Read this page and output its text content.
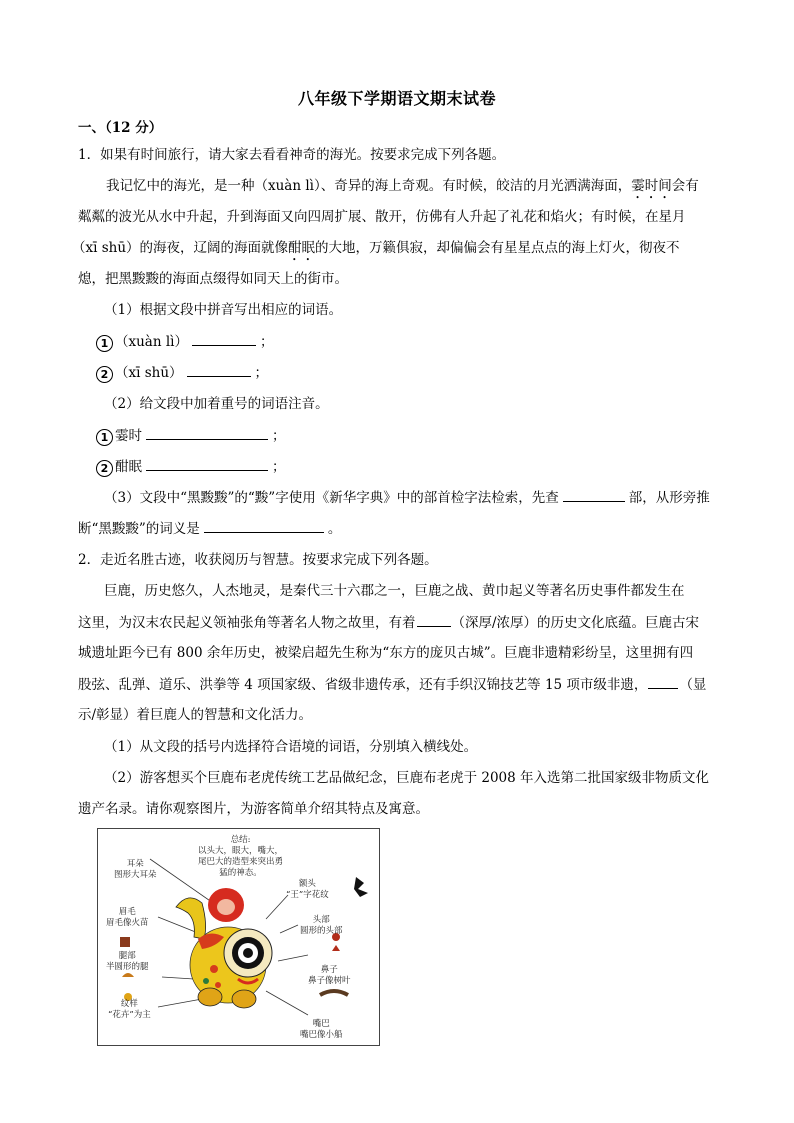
八年级下学期语文期末试卷
一、（12 分）
1．如果有时间旅行，请大家去看看神奇的海光。按要求完成下列各题。
我记忆中的海光，是一种（xuàn lì）、奇异的海上奇观。有时候，皎洁的月光洒满海面，霎时间会有
粼粼的波光从水中升起，升到海面又向四周扩展、散开，仿佛有人升起了礼花和焰火；有时候，在星月
（xī shū）的海夜，辽阔的海面就像酣眠的大地，万籁俱寂，却偏偏会有星星点点的海上灯火，彻夜不
熄，把黑黢黢的海面点缀得如同天上的街市。
（1）根据文段中拼音写出相应的词语。
1 （xuàn lì）	；
2 （xī shū）	；
（2）给文段中加着重号的词语注音。
1 霎时	；
2 酣眠	；
（3）文段中“黑黢黢”的“黢”字使用《新华字典》中的部首检字法检索，先查	部，从形旁推
断“黑黢黢”的词义是	。
2．走近名胜古迹，收获阅历与智慧。按要求完成下列各题。
巨鹿，历史悠久，人杰地灵，是秦代三十六郡之一，巨鹿之战、黄巾起义等著名历史事件都发生在
这里，为汉末农民起义领袖张角等著名人物之故里，有着	（深厚/浓厚）的历史文化底蕴。巨鹿古宋
城遗址距今已有 800 余年历史，被梁启超先生称为“东方的庞贝古城”。巨鹿非遗精彩纷呈，这里拥有四
股弦、乱弹、道乐、洪拳等 4 项国家级、省级非遗传承，还有手织汉锦技艺等 15 项市级非遗， （显
示/彰显）着巨鹿人的智慧和文化活力。
（1）从文段的括号内选择符合语境的词语，分别填入横线处。
（2）游客想买个巨鹿布老虎传统工艺品做纪念，巨鹿布老虎于 2008 年入选第二批国家级非物质文化
遗产名录。请你观察图片，为游客简单介绍其特点及寓意。
总结:
以头大，眼大，嘴大，
尾巴大的造型来突出勇
猛的神态。
耳朵
图形大耳朵
眉毛
眉毛像火苗
腿部
半圆形的腿
纹样
“花卉”为主
额头
“王”字花纹
头部
圆形的头部
鼻子
鼻子像树叶
嘴巴
嘴巴像小船
